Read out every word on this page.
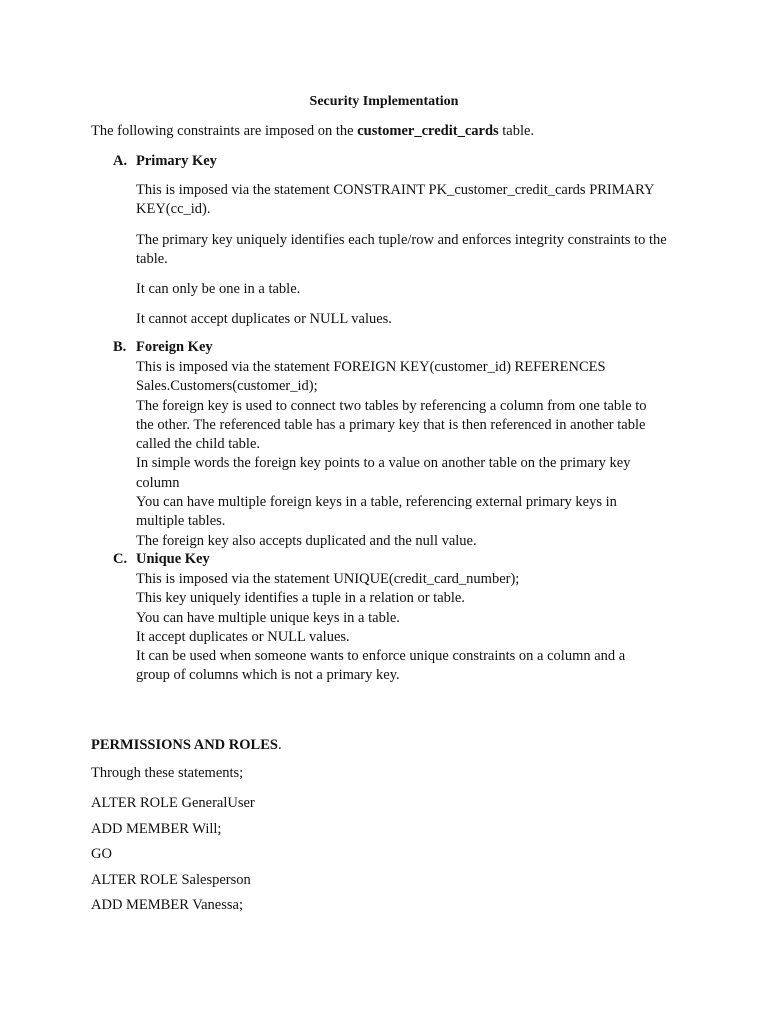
Security Implementation
The following constraints are imposed on the customer_credit_cards table.
A. Primary Key
This is imposed via the statement CONSTRAINT PK_customer_credit_cards PRIMARY KEY(cc_id).
The primary key uniquely identifies each tuple/row and enforces integrity constraints to the table.
It can only be one in a table.
It cannot accept duplicates or NULL values.
B. Foreign Key
This is imposed via the statement FOREIGN KEY(customer_id) REFERENCES
Sales.Customers(customer_id);
The foreign key is used to connect two tables by referencing a column from one table to
the other. The referenced table has a primary key that is then referenced in another table
called the child table.
In simple words the foreign key points to a value on another table on the primary key
column
You can have multiple foreign keys in a table, referencing external primary keys in
multiple tables.
The foreign key also accepts duplicated and the null value.
C. Unique Key
This is imposed via the statement UNIQUE(credit_card_number);
This key uniquely identifies a tuple in a relation or table.
You can have multiple unique keys in a table.
It accept duplicates or NULL values.
It can be used when someone wants to enforce unique constraints on a column and a
group of columns which is not a primary key.
PERMISSIONS AND ROLES.
Through these statements;
ALTER ROLE GeneralUser
ADD MEMBER Will;
GO
ALTER ROLE Salesperson
ADD MEMBER Vanessa;
